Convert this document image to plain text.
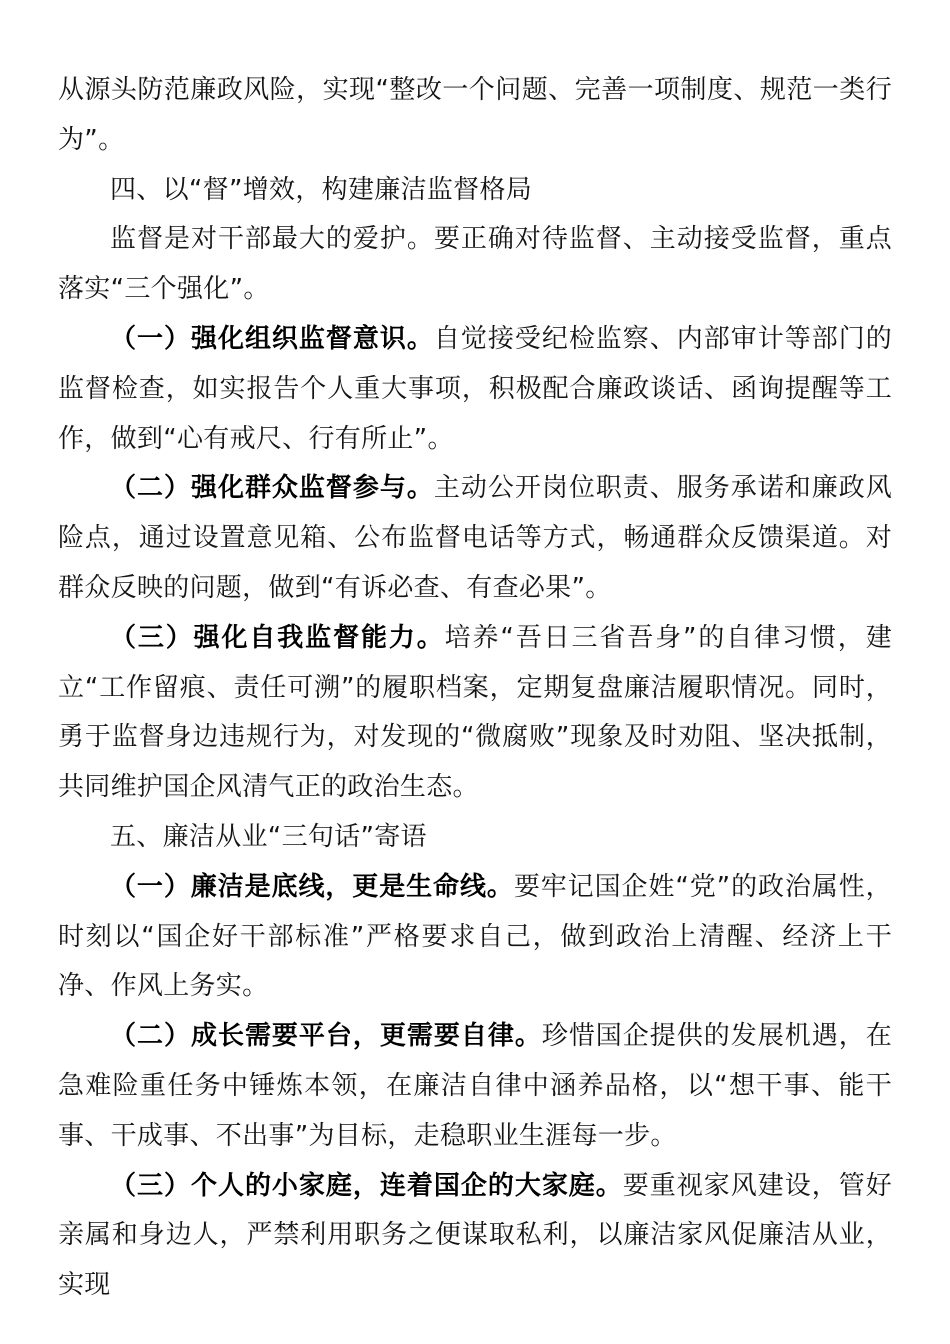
从源头防范廉政风险，实现“整改一个问题、完善一项制度、规范一类行为”。

四、以“督”增效，构建廉洁监督格局

监督是对干部最大的爱护。要正确对待监督、主动接受监督，重点落实“三个强化”。

（一）强化组织监督意识。自觉接受纪检监察、内部审计等部门的监督检查，如实报告个人重大事项，积极配合廉政谈话、函询提醒等工作，做到“心有戒尺、行有所止”。

（二）强化群众监督参与。主动公开岗位职责、服务承诺和廉政风险点，通过设置意见箱、公布监督电话等方式，畅通群众反馈渠道。对群众反映的问题，做到“有诉必查、有查必果”。

（三）强化自我监督能力。培养“吾日三省吾身”的自律习惯，建立“工作留痕、责任可溯”的履职档案，定期复盘廉洁履职情况。同时，勇于监督身边违规行为，对发现的“微腐败”现象及时劝阻、坚决抵制，共同维护国企风清气正的政治生态。

五、廉洁从业“三句话”寄语

（一）廉洁是底线，更是生命线。要牢记国企姓“党”的政治属性，时刻以“国企好干部标准”严格要求自己，做到政治上清醒、经济上干净、作风上务实。

（二）成长需要平台，更需要自律。珍惜国企提供的发展机遇，在急难险重任务中锤炼本领，在廉洁自律中涵养品格，以“想干事、能干事、干成事、不出事”为目标，走稳职业生涯每一步。

（三）个人的小家庭，连着国企的大家庭。要重视家风建设，管好亲属和身边人，严禁利用职务之便谋取私利，以廉洁家风促廉洁从业，实现
